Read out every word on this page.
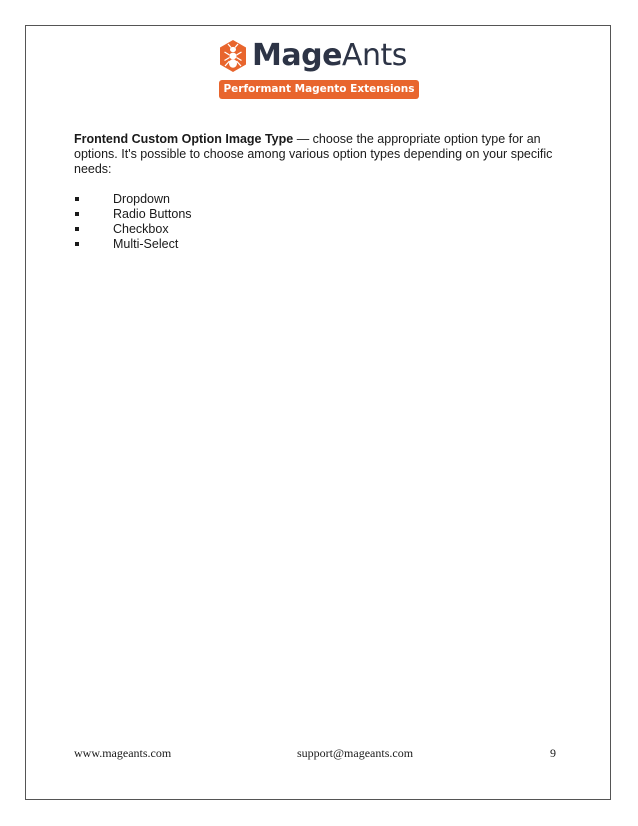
MageAnts
Performant Magento Extensions

Frontend Custom Option Image Type — choose the appropriate option type for an options. It's possible to choose among various option types depending on your specific needs:

Dropdown
Radio Buttons
Checkbox
Multi-Select
www.mageants.com	support@mageants.com	9
